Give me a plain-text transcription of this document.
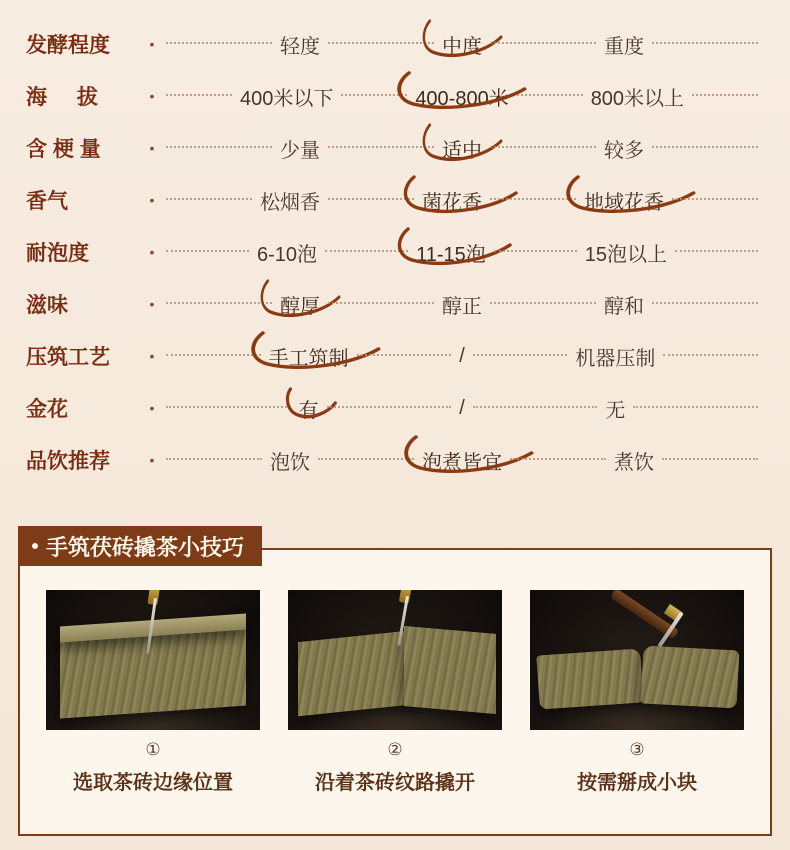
发酵程度	•	轻度	中度	重度
海 拔	•	400米以下	400-800米	800米以上
含 梗 量	•	少量	适中	较多
香气	•	松烟香	菌花香	地域花香
耐泡度	•	6-10泡	11-15泡	15泡以上
滋味	•	醇厚	醇正	醇和
压筑工艺	•	手工筑制	/	机器压制
金花	•	有	/	无
品饮推荐	•	泡饮	泡煮皆宜	煮饮
手筑茯砖撬茶小技巧
①
选取茶砖边缘位置
②
沿着茶砖纹路撬开
③
按需掰成小块
